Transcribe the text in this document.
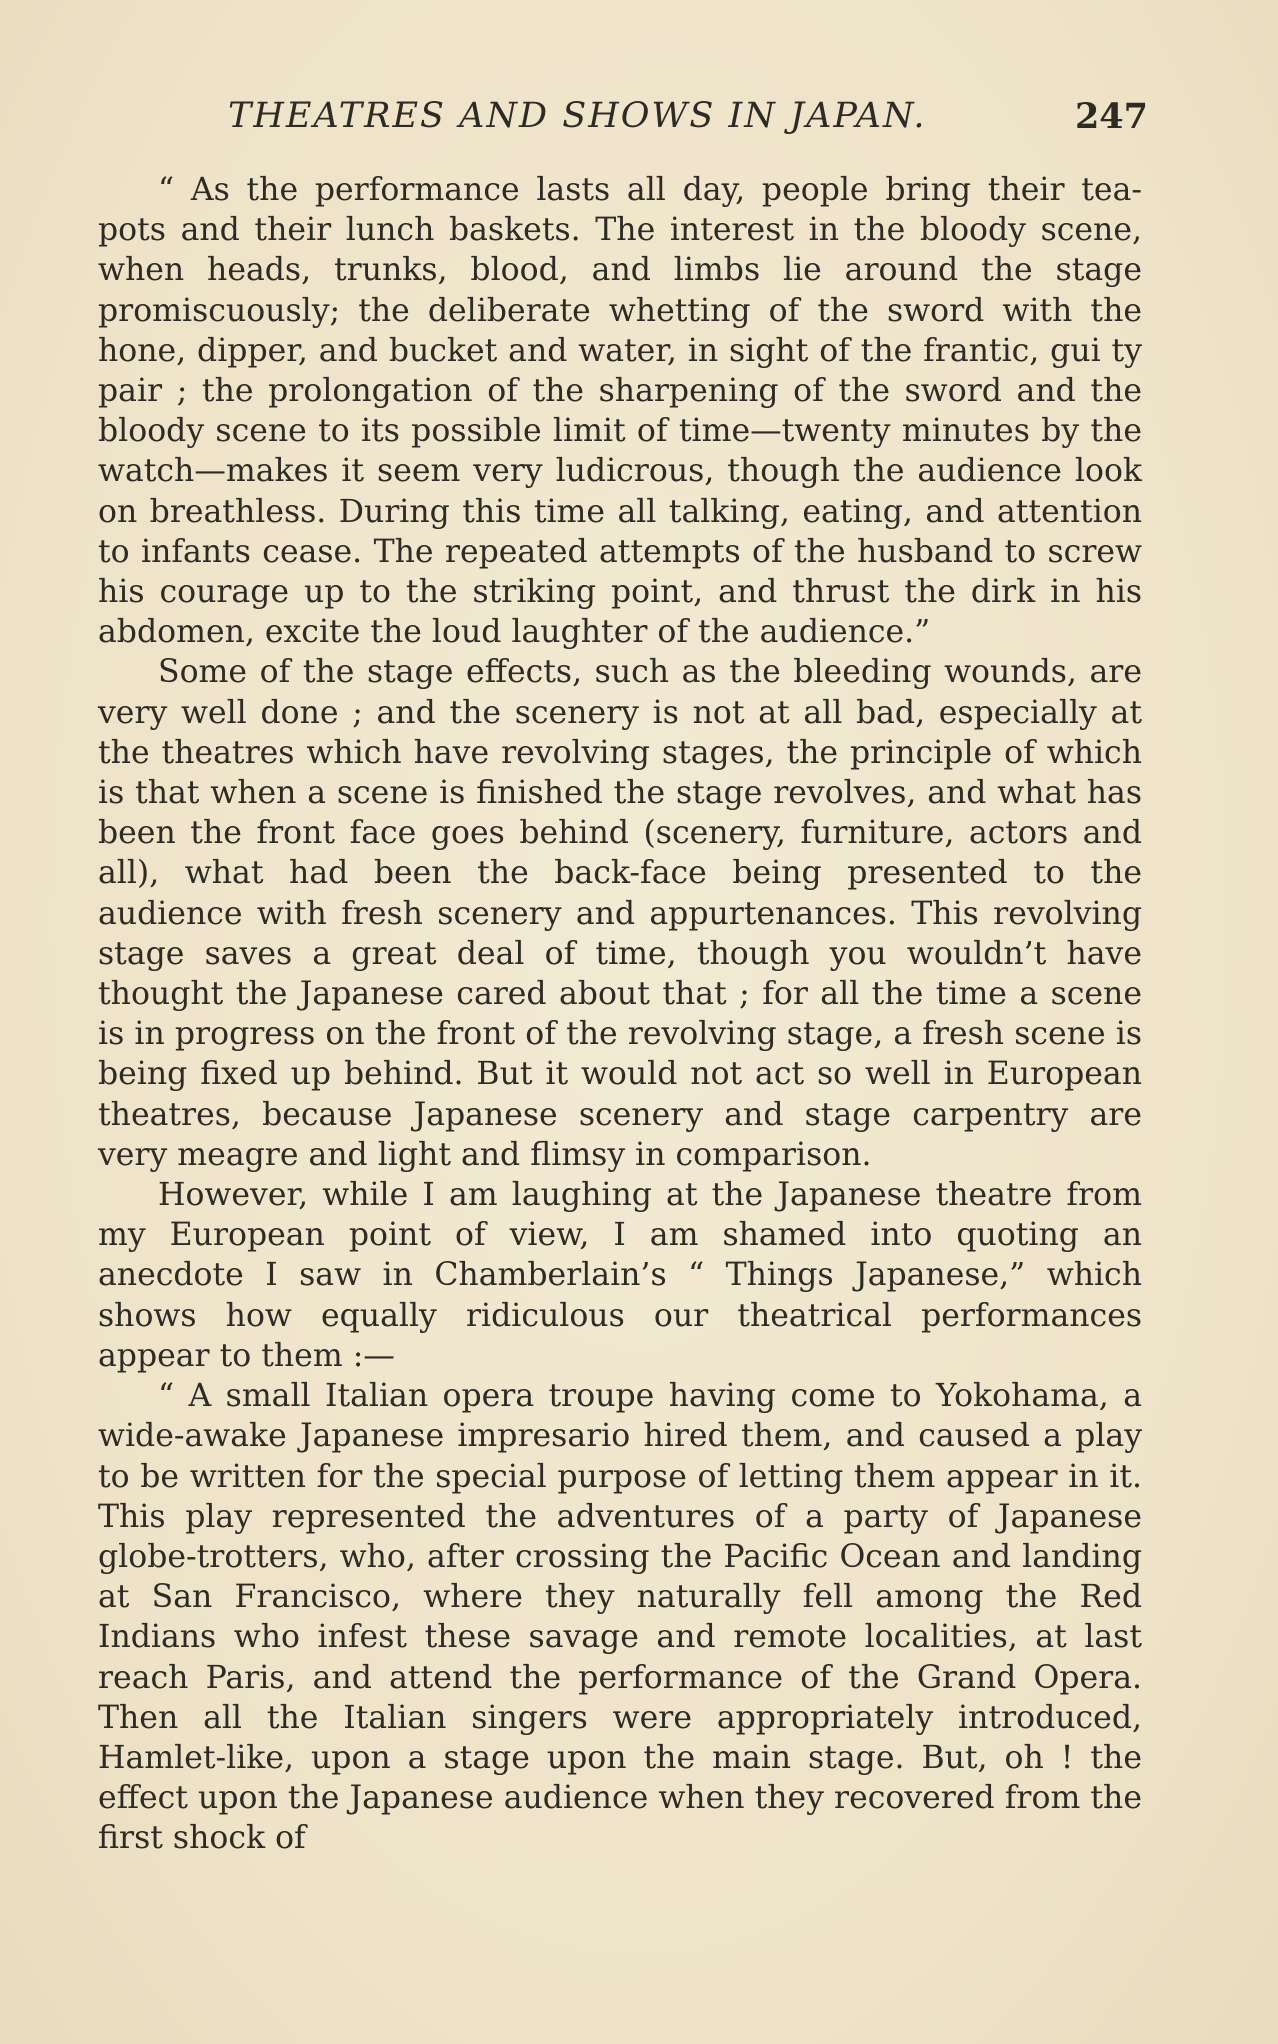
THEATRES AND SHOWS IN JAPAN.	247

“ As the performance lasts all day, people bring their tea-pots and their lunch baskets. The interest in the bloody scene, when heads, trunks, blood, and limbs lie around the stage promiscuously; the deliberate whetting of the sword with the hone, dipper, and bucket and water, in sight of the frantic, gui ty pair ; the prolongation of the sharpening of the sword and the bloody scene to its possible limit of time—twenty minutes by the watch—makes it seem very ludicrous, though the audience look on breathless. During this time all talking, eating, and attention to infants cease. The repeated attempts of the husband to screw his courage up to the striking point, and thrust the dirk in his abdomen, excite the loud laughter of the audience.”

Some of the stage effects, such as the bleeding wounds, are very well done ; and the scenery is not at all bad, especially at the theatres which have revolving stages, the principle of which is that when a scene is finished the stage revolves, and what has been the front face goes behind (scenery, furniture, actors and all), what had been the back-face being presented to the audience with fresh scenery and appurtenances. This revolving stage saves a great deal of time, though you wouldn’t have thought the Japanese cared about that ; for all the time a scene is in progress on the front of the revolving stage, a fresh scene is being fixed up behind. But it would not act so well in European theatres, because Japanese scenery and stage carpentry are very meagre and light and flimsy in comparison.

However, while I am laughing at the Japanese theatre from my European point of view, I am shamed into quoting an anecdote I saw in Chamberlain’s “ Things Japanese,” which shows how equally ridiculous our theatrical performances appear to them :—

“ A small Italian opera troupe having come to Yokohama, a wide-awake Japanese impresario hired them, and caused a play to be written for the special purpose of letting them appear in it. This play represented the adventures of a party of Japanese globe-trotters, who, after crossing the Pacific Ocean and landing at San Francisco, where they naturally fell among the Red Indians who infest these savage and remote localities, at last reach Paris, and attend the performance of the Grand Opera. Then all the Italian singers were appropriately introduced, Hamlet-like, upon a stage upon the main stage. But, oh ! the effect upon the Japanese audience when they recovered from the first shock of
